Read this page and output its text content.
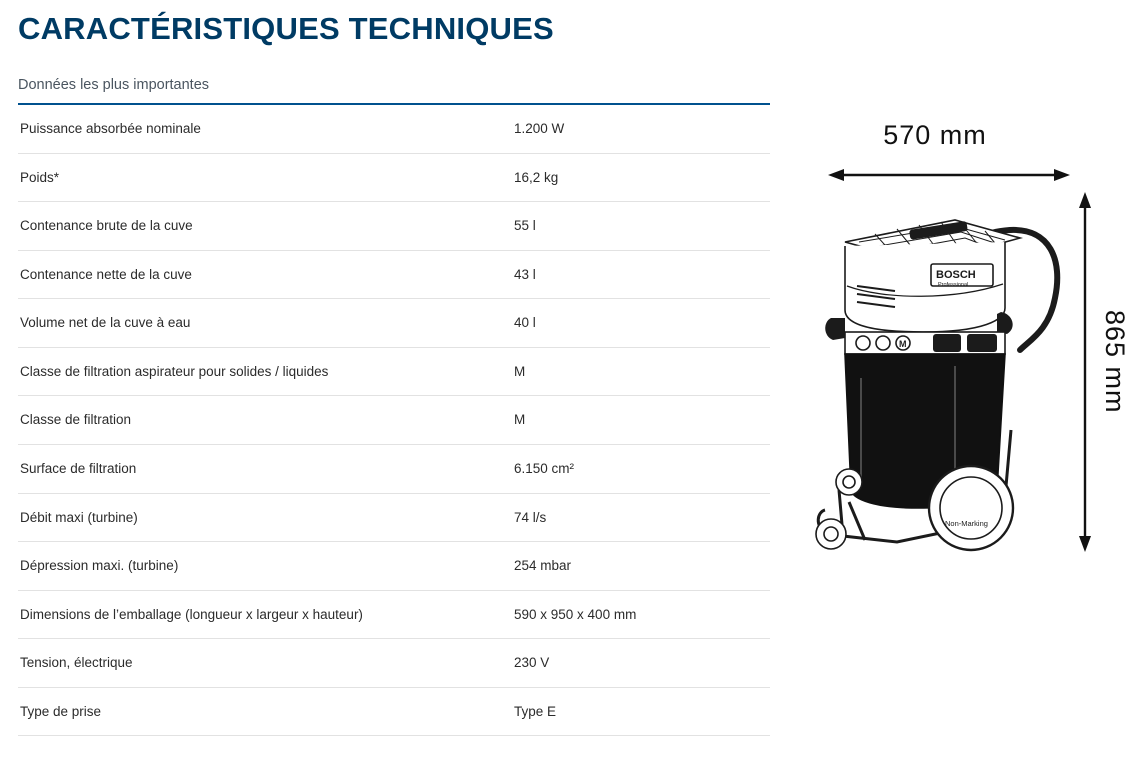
CARACTÉRISTIQUES TECHNIQUES
Données les plus importantes
Puissance absorbée nominale	1.200 W
Poids*	16,2 kg
Contenance brute de la cuve	55 l
Contenance nette de la cuve	43 l
Volume net de la cuve à eau	40 l
Classe de filtration aspirateur pour solides / liquides	M
Classe de filtration	M
Surface de filtration	6.150 cm²
Débit maxi (turbine)	74 l/s
Dépression maxi. (turbine)	254 mbar
Dimensions de l’emballage (longueur x largeur x hauteur)	590 x 950 x 400 mm
Tension, électrique	230 V
Type de prise	Type E
570 mm
865 mm
BOSCH
Professional
M
Non-Marking
